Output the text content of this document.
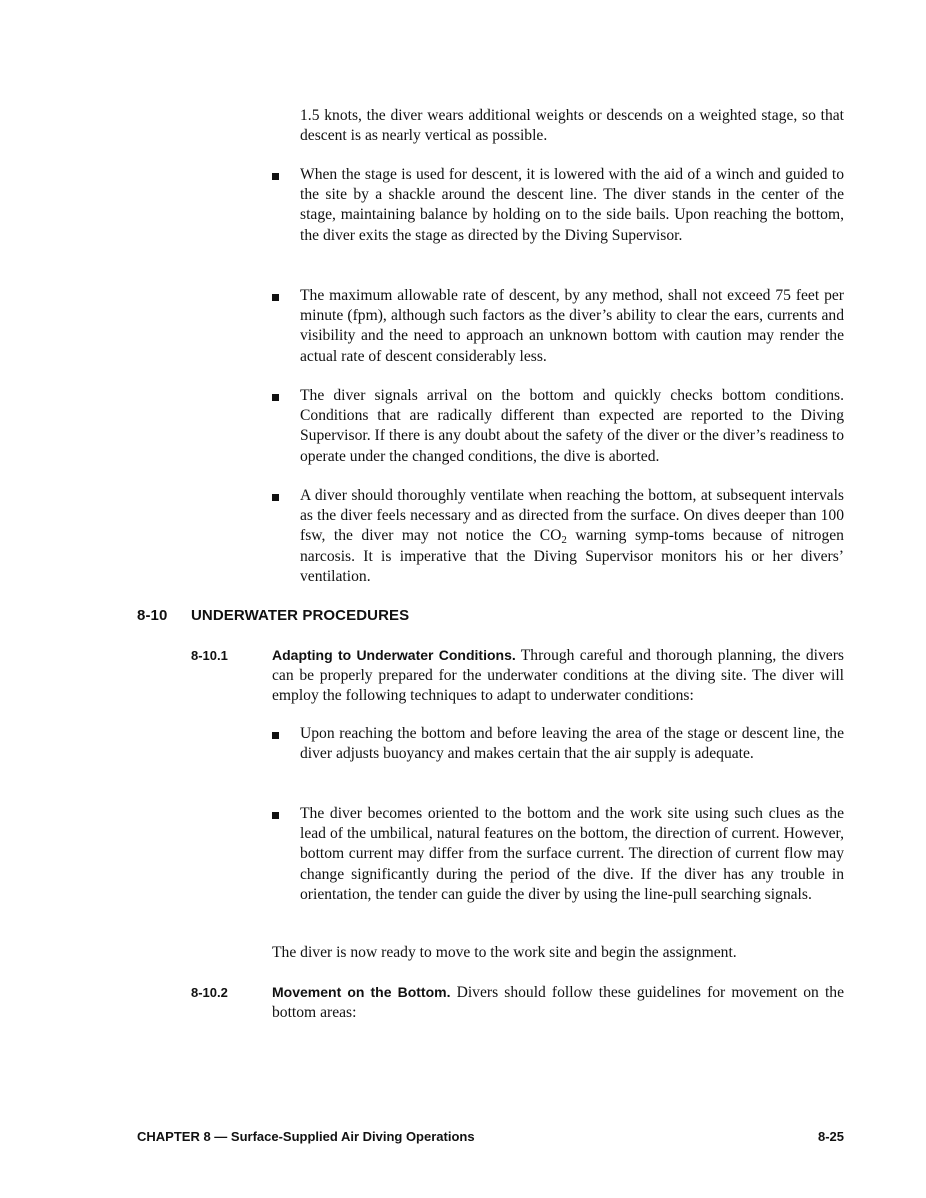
1.5 knots, the diver wears additional weights or descends on a weighted stage, so that descent is as nearly vertical as possible.

When the stage is used for descent, it is lowered with the aid of a winch and guided to the site by a shackle around the descent line. The diver stands in the center of the stage, maintaining balance by holding on to the side bails. Upon reaching the bottom, the diver exits the stage as directed by the Diving Supervisor.

The maximum allowable rate of descent, by any method, shall not exceed 75 feet per minute (fpm), although such factors as the diver’s ability to clear the ears, currents and visibility and the need to approach an unknown bottom with caution may render the actual rate of descent considerably less.

The diver signals arrival on the bottom and quickly checks bottom conditions. Conditions that are radically different than expected are reported to the Diving Supervisor. If there is any doubt about the safety of the diver or the diver’s readiness to operate under the changed conditions, the dive is aborted.

A diver should thoroughly ventilate when reaching the bottom, at subsequent intervals as the diver feels necessary and as directed from the surface. On dives deeper than 100 fsw, the diver may not notice the $CO_2$ warning symp-toms because of nitrogen narcosis. It is imperative that the Diving Supervisor monitors his or her divers’ ventilation.

8-10 UNDERWATER PROCEDURES
8-10.1	Adapting to Underwater Conditions. Through careful and thorough planning, the divers can be properly prepared for the underwater conditions at the diving site. The diver will employ the following techniques to adapt to underwater conditions:

Upon reaching the bottom and before leaving the area of the stage or descent line, the diver adjusts buoyancy and makes certain that the air supply is adequate.

The diver becomes oriented to the bottom and the work site using such clues as the lead of the umbilical, natural features on the bottom, the direction of current. However, bottom current may differ from the surface current. The direction of current flow may change significantly during the period of the dive. If the diver has any trouble in orientation, the tender can guide the diver by using the line-pull searching signals.

The diver is now ready to move to the work site and begin the assignment.

8-10.2	Movement on the Bottom. Divers should follow these guidelines for movement on the bottom areas:

CHAPTER 8 — Surface-Supplied Air Diving Operations	8-25
